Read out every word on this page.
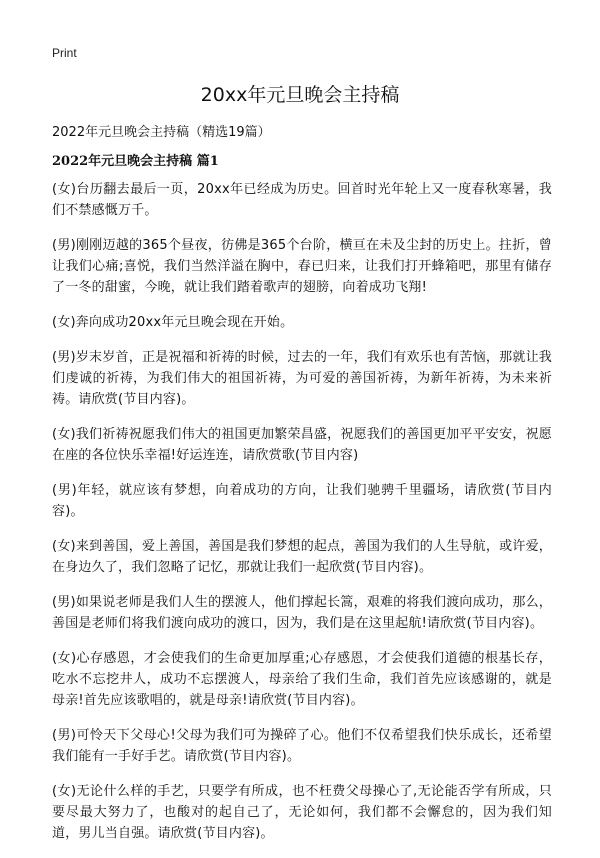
Print
20xx年元旦晚会主持稿

2022年元旦晚会主持稿（精选19篇）

2022年元旦晚会主持稿 篇1

(女)台历翻去最后一页，20xx年已经成为历史。回首时光年轮上又一度春秋寒暑，我们不禁感慨万千。

(男)刚刚迈越的365个昼夜，彷佛是365个台阶，横亘在未及尘封的历史上。拄折，曾让我们心痛;喜悦，我们当然洋溢在胸中，春已归来，让我们打开蜂箱吧，那里有储存了一冬的甜蜜，今晚，就让我们踏着歌声的翅膀，向着成功飞翔!

(女)奔向成功20xx年元旦晚会现在开始。

(男)岁末岁首，正是祝福和祈祷的时候，过去的一年，我们有欢乐也有苦恼，那就让我们虔诚的祈祷，为我们伟大的祖国祈祷，为可爱的善国祈祷，为新年祈祷，为未来祈祷。请欣赏(节目内容)。

(女)我们祈祷祝愿我们伟大的祖国更加繁荣昌盛，祝愿我们的善国更加平平安安，祝愿在座的各位快乐幸福!好运连连，请欣赏歌(节目内容)

(男)年轻，就应该有梦想，向着成功的方向，让我们驰骋千里疆场，请欣赏(节目内容)。

(女)来到善国，爱上善国，善国是我们梦想的起点，善国为我们的人生导航，或许爱，在身边久了，我们忽略了记忆，那就让我们一起欣赏(节目内容)。

(男)如果说老师是我们人生的摆渡人，他们撑起长篙，艰难的将我们渡向成功，那么，善国是老师们将我们渡向成功的渡口，因为，我们是在这里起航!请欣赏(节目内容)。

(女)心存感恩，才会使我们的生命更加厚重;心存感恩，才会使我们道德的根基长存，吃水不忘挖井人，成功不忘摆渡人，母亲给了我们生命，我们首先应该感谢的，就是母亲!首先应该歌唱的，就是母亲!请欣赏(节目内容)。

(男)可怜天下父母心!父母为我们可为操碎了心。他们不仅希望我们快乐成长，还希望我们能有一手好手艺。请欣赏(节目内容)。

(女)无论什么样的手艺，只要学有所成，也不枉费父母操心了,无论能否学有所成，只要尽最大努力了，也酸对的起自己了，无论如何，我们都不会懈怠的，因为我们知道，男儿当自强。请欣赏(节目内容)。
